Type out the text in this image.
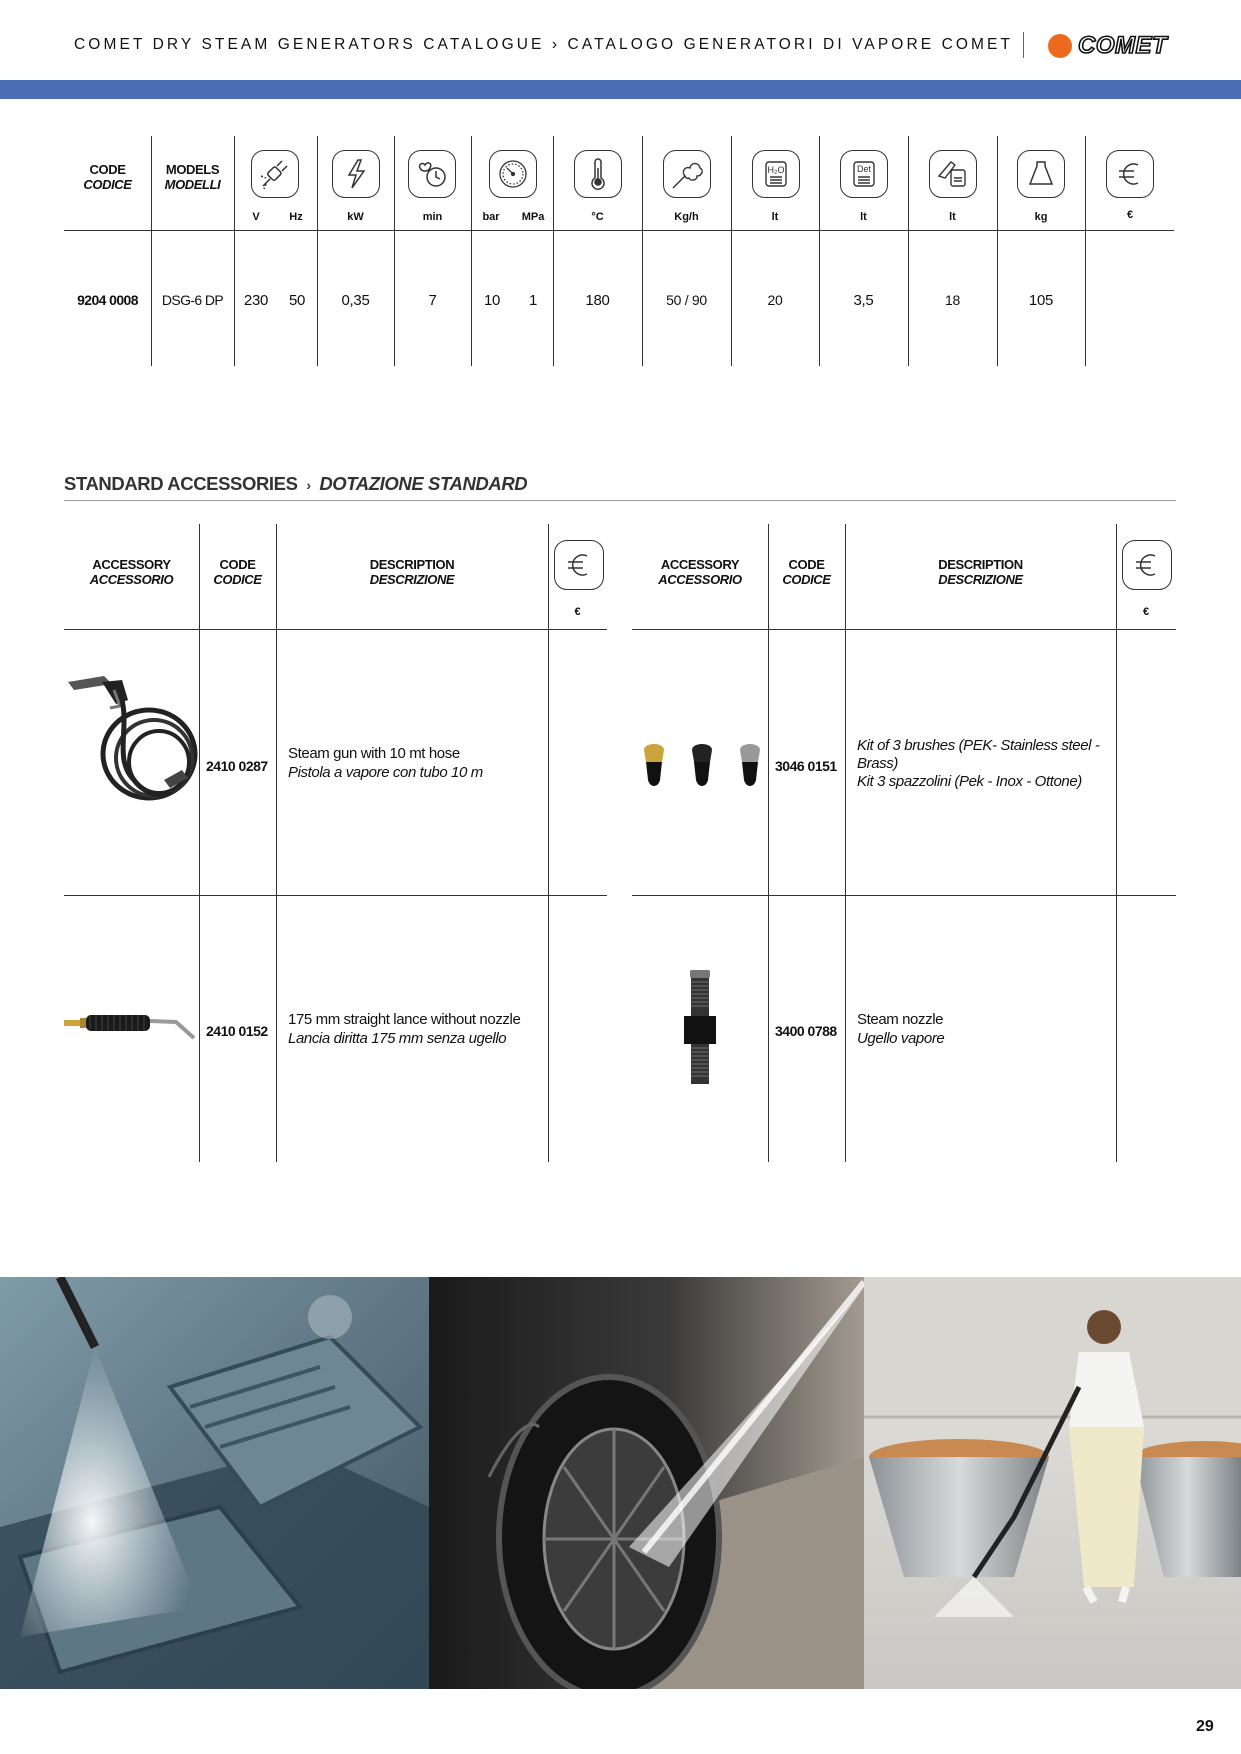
COMET DRY STEAM GENERATORS CATALOGUE › CATALOGO GENERATORI DI VAPORE COMET	COMET
CODE
CODICE
MODELS
MODELLI
H₂O	Det
V	Hz	kW	min	bar	MPa	°C	Kg/h	lt	lt	lt	kg	€
9204 0008	DSG-6 DP	230	50	0,35	7	10	1	180	50 / 90	20	3,5	18	105
STANDARD ACCESSORIES › DOTAZIONE STANDARD
ACCESSORY
ACCESSORIO
CODE
CODICE
DESCRIPTION
DESCRIZIONE
€
2410 0287
Steam gun with 10 mt hose
Pistola a vapore con tubo 10 m
2410 0152
175 mm straight lance without nozzle
Lancia diritta 175 mm senza ugello
ACCESSORY
ACCESSORIO
CODE
CODICE
DESCRIPTION
DESCRIZIONE
€
3046 0151
Kit of 3 brushes (PEK- Stainless steel - Brass)
Kit 3 spazzolini (Pek - Inox - Ottone)
3400 0788
Steam nozzle
Ugello vapore
29
